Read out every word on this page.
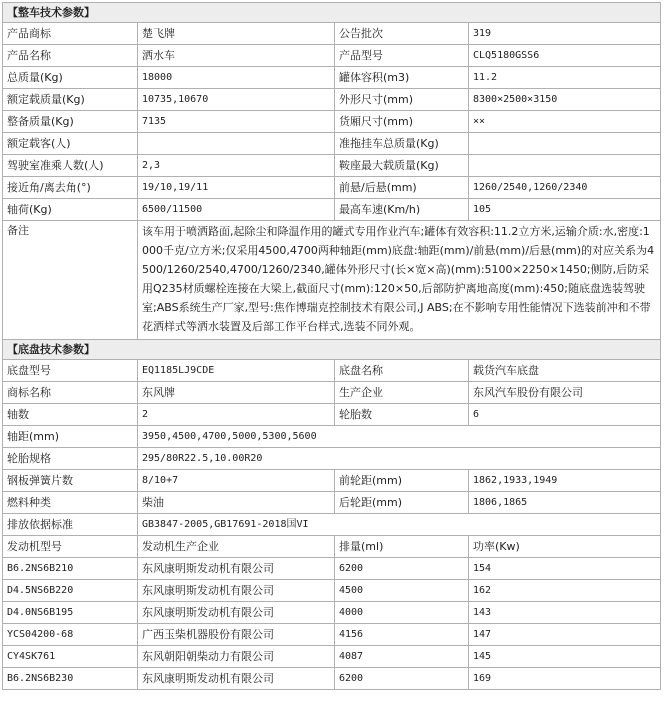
【整车技术参数】			
产品商标	楚飞牌	公告批次	319
产品名称	洒水车	产品型号	CLQ5180GSS6
总质量(Kg)	18000	罐体容积(m3)	11.2
额定载质量(Kg)	10735,10670	外形尺寸(mm)	8300×2500×3150
整备质量(Kg)	7135	货厢尺寸(mm)	××
额定载客(人)		准拖挂车总质量(Kg)	
驾驶室准乘人数(人)	2,3	鞍座最大载质量(Kg)	
接近角/离去角(°)	19/10,19/11	前悬/后悬(mm)	1260/2540,1260/2340
轴荷(Kg)	6500/11500	最高车速(Km/h)	105
备注	该车用于喷洒路面,起除尘和降温作用的罐式专用作业汽车;罐体有效容积:11.2立方米,运输介质:水,密度:1000千克/立方米;仅采用4500,4700两种轴距(mm)底盘:轴距(mm)/前悬(mm)/后悬(mm)的对应关系为4500/1260/2540,4700/1260/2340,罐体外形尺寸(长×宽×高)(mm):5100×2250×1450;侧防,后防采用Q235材质螺栓连接在大梁上,截面尺寸(mm):120×50,后部防护离地高度(mm):450;随底盘选装驾驶室;ABS系统生产厂家,型号:焦作博瑞克控制技术有限公司,J ABS;在不影响专用性能情况下选装前冲和不带花洒样式等洒水装置及后部工作平台样式,选装不同外观。		
【底盘技术参数】			
底盘型号	EQ1185LJ9CDE	底盘名称	载货汽车底盘
商标名称	东风牌	生产企业	东风汽车股份有限公司
轴数	2	轮胎数	6
轴距(mm)	3950,4500,4700,5000,5300,5600		
轮胎规格	295/80R22.5,10.00R20		
钢板弹簧片数	8/10+7	前轮距(mm)	1862,1933,1949
燃料种类	柴油	后轮距(mm)	1806,1865
排放依据标准	GB3847-2005,GB17691-2018国VI		
发动机型号	发动机生产企业	排量(ml)	功率(Kw)
B6.2NS6B210	东风康明斯发动机有限公司	6200	154
D4.5NS6B220	东风康明斯发动机有限公司	4500	162
D4.0NS6B195	东风康明斯发动机有限公司	4000	143
YCS04200-68	广西玉柴机器股份有限公司	4156	147
CY4SK761	东风朝阳朝柴动力有限公司	4087	145
B6.2NS6B230	东风康明斯发动机有限公司	6200	169
